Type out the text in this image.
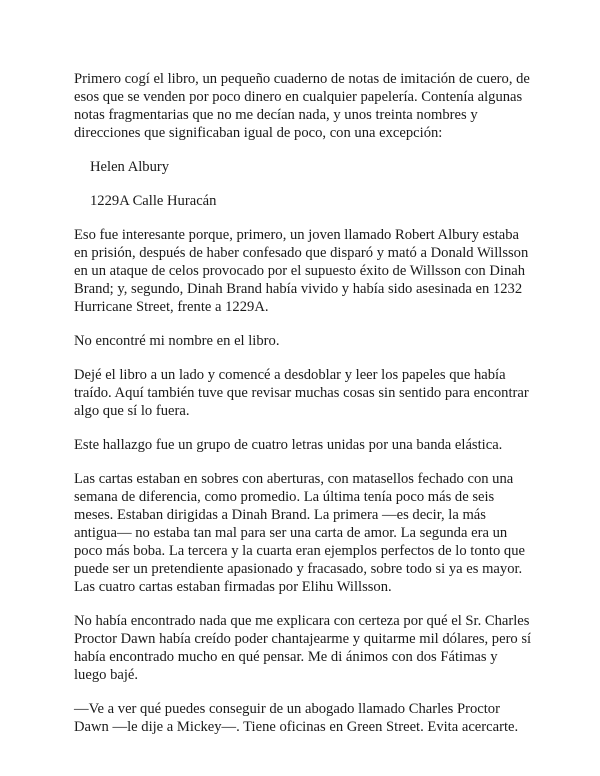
Primero cogí el libro, un pequeño cuaderno de notas de imitación de cuero, de esos que se venden por poco dinero en cualquier papelería. Contenía algunas notas fragmentarias que no me decían nada, y unos treinta nombres y direcciones que significaban igual de poco, con una excepción:

Helen Albury

1229A Calle Huracán

Eso fue interesante porque, primero, un joven llamado Robert Albury estaba en prisión, después de haber confesado que disparó y mató a Donald Willsson en un ataque de celos provocado por el supuesto éxito de Willsson con Dinah Brand; y, segundo, Dinah Brand había vivido y había sido asesinada en 1232 Hurricane Street, frente a 1229A.

No encontré mi nombre en el libro.

Dejé el libro a un lado y comencé a desdoblar y leer los papeles que había traído. Aquí también tuve que revisar muchas cosas sin sentido para encontrar algo que sí lo fuera.

Este hallazgo fue un grupo de cuatro letras unidas por una banda elástica.

Las cartas estaban en sobres con aberturas, con matasellos fechado con una semana de diferencia, como promedio. La última tenía poco más de seis meses. Estaban dirigidas a Dinah Brand. La primera —es decir, la más antigua— no estaba tan mal para ser una carta de amor. La segunda era un poco más boba. La tercera y la cuarta eran ejemplos perfectos de lo tonto que puede ser un pretendiente apasionado y fracasado, sobre todo si ya es mayor. Las cuatro cartas estaban firmadas por Elihu Willsson.

No había encontrado nada que me explicara con certeza por qué el Sr. Charles Proctor Dawn había creído poder chantajearme y quitarme mil dólares, pero sí había encontrado mucho en qué pensar. Me di ánimos con dos Fátimas y luego bajé.

—Ve a ver qué puedes conseguir de un abogado llamado Charles Proctor Dawn —le dije a Mickey—. Tiene oficinas en Green Street. Evita acercarte.
